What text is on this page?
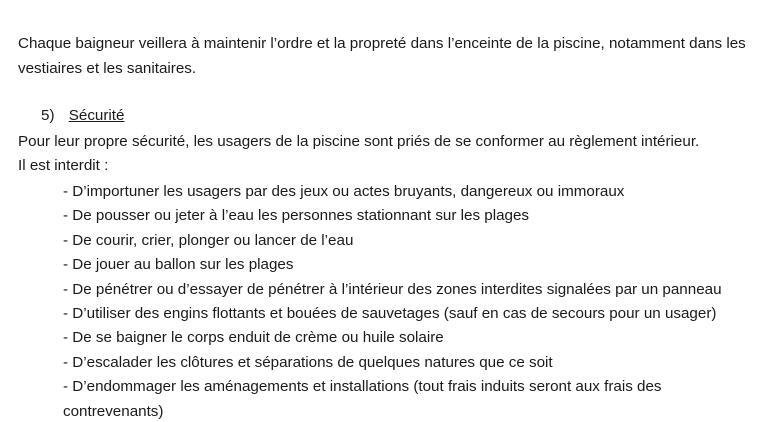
Chaque baigneur veillera à maintenir l’ordre et la propreté dans l’enceinte de la piscine, notamment dans les vestiaires et les sanitaires.

5) Sécurité

Pour leur propre sécurité, les usagers de la piscine sont priés de se conformer au règlement intérieur.
Il est interdit :
- D’importuner les usagers par des jeux ou actes bruyants, dangereux ou immoraux
- De pousser ou jeter à l’eau les personnes stationnant sur les plages
- De courir, crier, plonger ou lancer de l’eau
- De jouer au ballon sur les plages
- De pénétrer ou d’essayer de pénétrer à l’intérieur des zones interdites signalées par un panneau
- D’utiliser des engins flottants et bouées de sauvetages (sauf en cas de secours pour un usager)
- De se baigner le corps enduit de crème ou huile solaire
- D’escalader les clôtures et séparations de quelques natures que ce soit
- D’endommager les aménagements et installations (tout frais induits seront aux frais des contrevenants)
